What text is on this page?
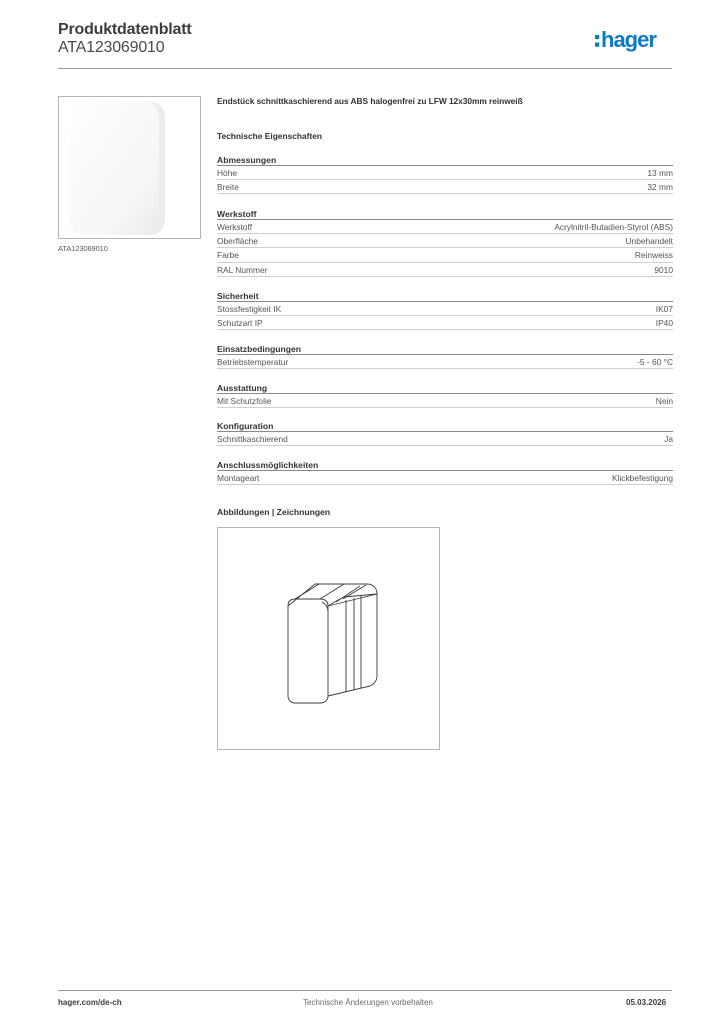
Produktdatenblatt
ATA123069010	hager
ATA123069010
Endstück schnittkaschierend aus ABS halogenfrei zu LFW 12x30mm reinweiß
Technische Eigenschaften
Abmessungen
Höhe	13 mm
Breite	32 mm
Werkstoff
Werkstoff	Acrylnitril-Butadien-Styrol (ABS)
Oberfläche	Unbehandelt
Farbe	Reinweiss
RAL Nummer	9010
Sicherheit
Stossfestigkeit IK	IK07
Schutzart IP	IP40
Einsatzbedingungen
Betriebstemperatur	-5 - 60 °C
Ausstattung
Mit Schutzfolie	Nein
Konfiguration
Schnittkaschierend	Ja
Anschlussmöglichkeiten
Montageart	Klickbefestigung
Abbildungen | Zeichnungen
hager.com/de-ch	Technische Änderungen vorbehalten	05.03.2026
